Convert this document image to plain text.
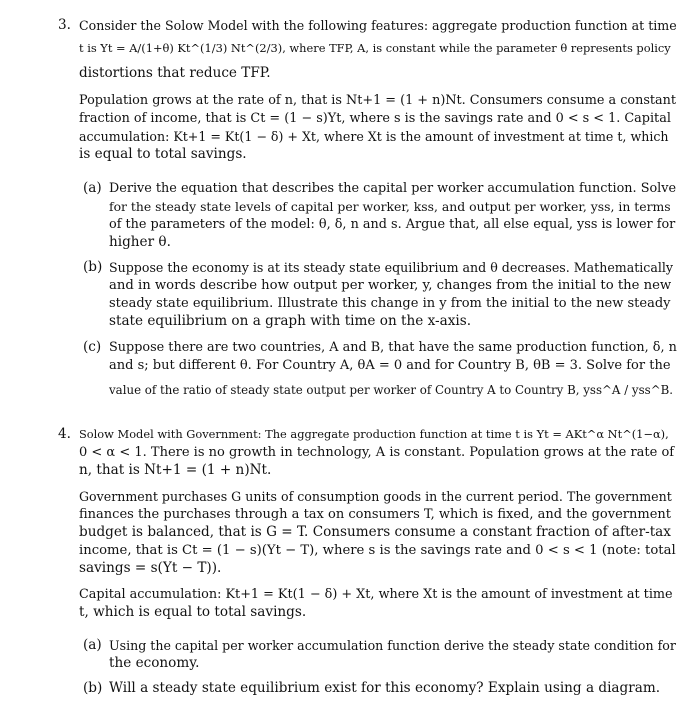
3. Consider the Solow Model with the following features: aggregate production function at time
t is Yt = A/(1+θ) Kt^(1/3) Nt^(2/3), where TFP, A, is constant while the parameter θ represents policy
distortions that reduce TFP.
Population grows at the rate of n, that is Nt+1 = (1 + n)Nt. Consumers consume a constant
fraction of income, that is Ct = (1 − s)Yt, where s is the savings rate and 0 < s < 1. Capital
accumulation: Kt+1 = Kt(1 − δ) + Xt, where Xt is the amount of investment at time t, which
is equal to total savings.
(a) Derive the equation that describes the capital per worker accumulation function. Solve
for the steady state levels of capital per worker, kss, and output per worker, yss, in terms
of the parameters of the model: θ, δ, n and s. Argue that, all else equal, yss is lower for
higher θ.
(b) Suppose the economy is at its steady state equilibrium and θ decreases. Mathematically
and in words describe how output per worker, y, changes from the initial to the new
steady state equilibrium. Illustrate this change in y from the initial to the new steady
state equilibrium on a graph with time on the x-axis.
(c) Suppose there are two countries, A and B, that have the same production function, δ, n
and s; but different θ. For Country A, θA = 0 and for Country B, θB = 3. Solve for the
value of the ratio of steady state output per worker of Country A to Country B, yss^A / yss^B.
4. Solow Model with Government: The aggregate production function at time t is Yt = AKt^α Nt^(1−α),
0 < α < 1. There is no growth in technology, A is constant. Population grows at the rate of
n, that is Nt+1 = (1 + n)Nt.
Government purchases G units of consumption goods in the current period. The government
finances the purchases through a tax on consumers T, which is fixed, and the government
budget is balanced, that is G = T. Consumers consume a constant fraction of after-tax
income, that is Ct = (1 − s)(Yt − T), where s is the savings rate and 0 < s < 1 (note: total
savings = s(Yt − T)).
Capital accumulation: Kt+1 = Kt(1 − δ) + Xt, where Xt is the amount of investment at time
t, which is equal to total savings.
(a) Using the capital per worker accumulation function derive the steady state condition for
the economy.
(b) Will a steady state equilibrium exist for this economy? Explain using a diagram.
